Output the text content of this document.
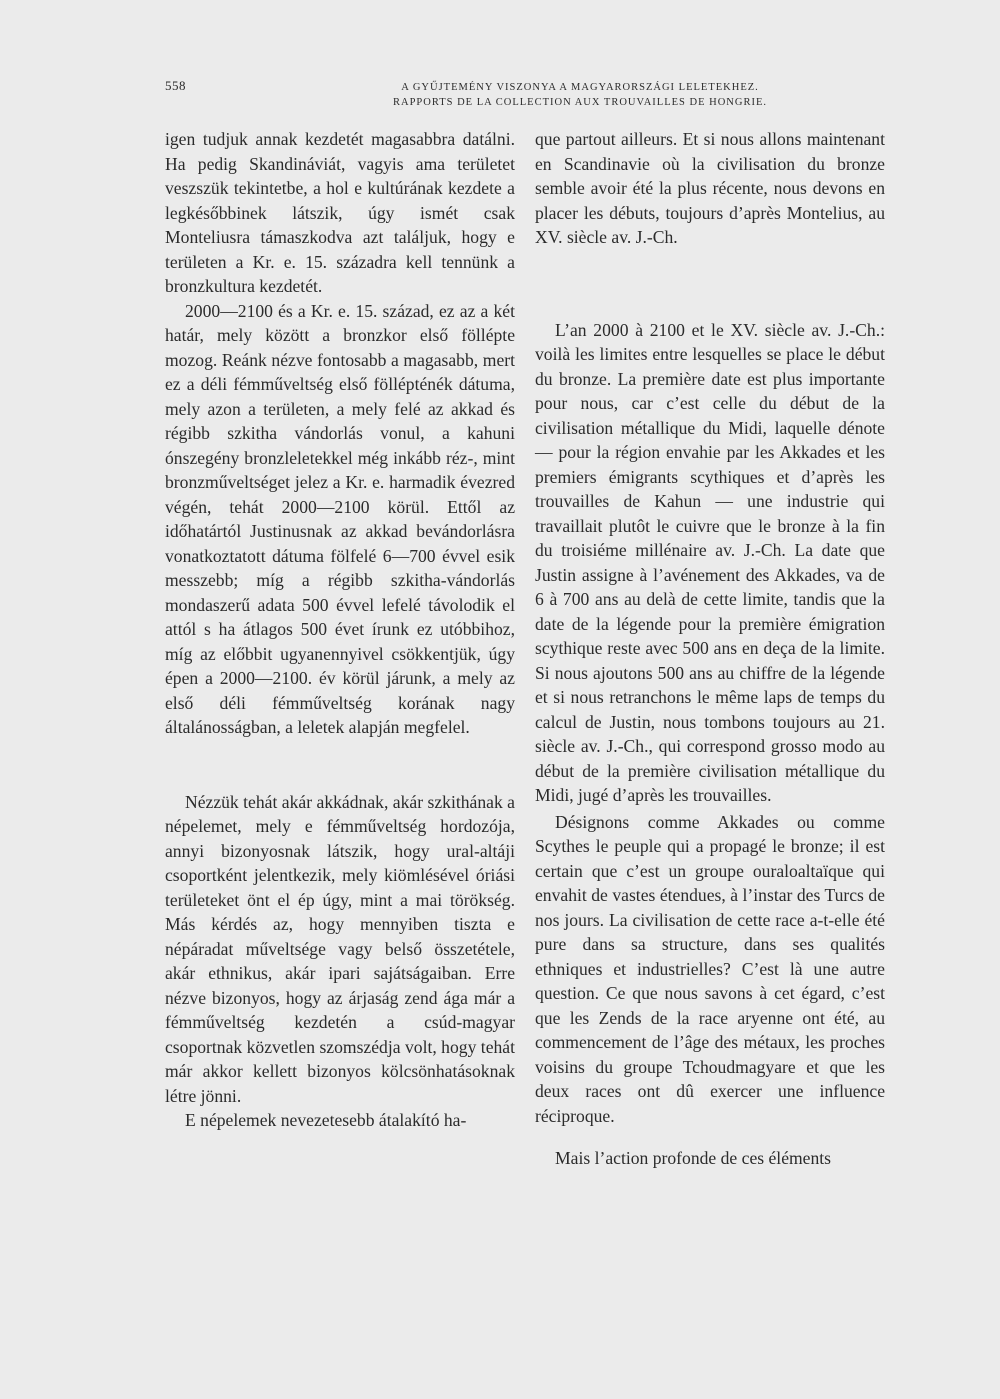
558	A GYŰJTEMÉNY VISZONYA A MAGYARORSZÁGI LELETEKHEZ.
RAPPORTS DE LA COLLECTION AUX TROUVAILLES DE HONGRIE.

igen tudjuk annak kezdetét magasabbra datálni. Ha pedig Skandináviát, vagyis ama területet veszszük tekintetbe, a hol e kultúrának kezdete a legkésőbbinek látszik, úgy ismét csak Monteliusra támaszkodva azt találjuk, hogy e területen a Kr. e. 15. századra kell tennünk a bronzkultura kezdetét.

2000—2100 és a Kr. e. 15. század, ez az a két határ, mely között a bronzkor első föllépte mozog. Reánk nézve fontosabb a magasabb, mert ez a déli fémműveltség első föllépténék dátuma, mely azon a területen, a mely felé az akkad és régibb szkitha vándorlás vonul, a kahuni ónszegény bronzleletekkel még inkább réz-, mint bronzműveltséget jelez a Kr. e. harmadik évezred végén, tehát 2000—2100 körül. Ettől az időhatártól Justinusnak az akkad bevándorlásra vonatkoztatott dátuma fölfelé 6—700 évvel esik messzebb; míg a régibb szkitha-vándorlás mondaszerű adata 500 évvel lefelé távolodik el attól s ha átlagos 500 évet írunk ez utóbbihoz, míg az előbbit ugyanennyivel csökkentjük, úgy épen a 2000—2100. év körül járunk, a mely az első déli fémműveltség korának nagy általánosságban, a leletek alapján megfelel.

Nézzük tehát akár akkádnak, akár szkithának a népelemet, mely e fémműveltség hordozója, annyi bizonyosnak látszik, hogy ural-altáji csoportként jelentkezik, mely kiömlésével óriási területeket önt el ép úgy, mint a mai törökség. Más kérdés az, hogy mennyiben tiszta e népáradat műveltsége vagy belső összetétele, akár ethnikus, akár ipari sajátságaiban. Erre nézve bizonyos, hogy az árjaság zend ága már a fémműveltség kezdetén a csúd-magyar csoportnak közvetlen szomszédja volt, hogy tehát már akkor kellett bizonyos kölcsönhatásoknak létre jönni.

E népelemek nevezetesebb átalakító ha-

que partout ailleurs. Et si nous allons maintenant en Scandinavie où la civilisation du bronze semble avoir été la plus récente, nous devons en placer les débuts, toujours d’après Montelius, au XV. siècle av. J.-Ch.

L’an 2000 à 2100 et le XV. siècle av. J.-Ch.: voilà les limites entre lesquelles se place le début du bronze. La première date est plus importante pour nous, car c’est celle du début de la civilisation métallique du Midi, laquelle dénote — pour la région envahie par les Akkades et les premiers émigrants scythiques et d’après les trouvailles de Kahun — une industrie qui travaillait plutôt le cuivre que le bronze à la fin du troisiéme millénaire av. J.-Ch. La date que Justin assigne à l’avénement des Akkades, va de 6 à 700 ans au delà de cette limite, tandis que la date de la légende pour la première émigration scythique reste avec 500 ans en deça de la limite. Si nous ajoutons 500 ans au chiffre de la légende et si nous retranchons le même laps de temps du calcul de Justin, nous tombons toujours au 21. siècle av. J.-Ch., qui correspond grosso modo au début de la première civilisation métallique du Midi, jugé d’après les trouvailles.

Désignons comme Akkades ou comme Scythes le peuple qui a propagé le bronze; il est certain que c’est un groupe ouraloaltaïque qui envahit de vastes étendues, à l’instar des Turcs de nos jours. La civilisation de cette race a-t-elle été pure dans sa structure, dans ses qualités ethniques et industrielles? C’est là une autre question. Ce que nous savons à cet égard, c’est que les Zends de la race aryenne ont été, au commencement de l’âge des métaux, les proches voisins du groupe Tchoudmagyare et que les deux races ont dû exercer une influence réciproque.

Mais l’action profonde de ces éléments
